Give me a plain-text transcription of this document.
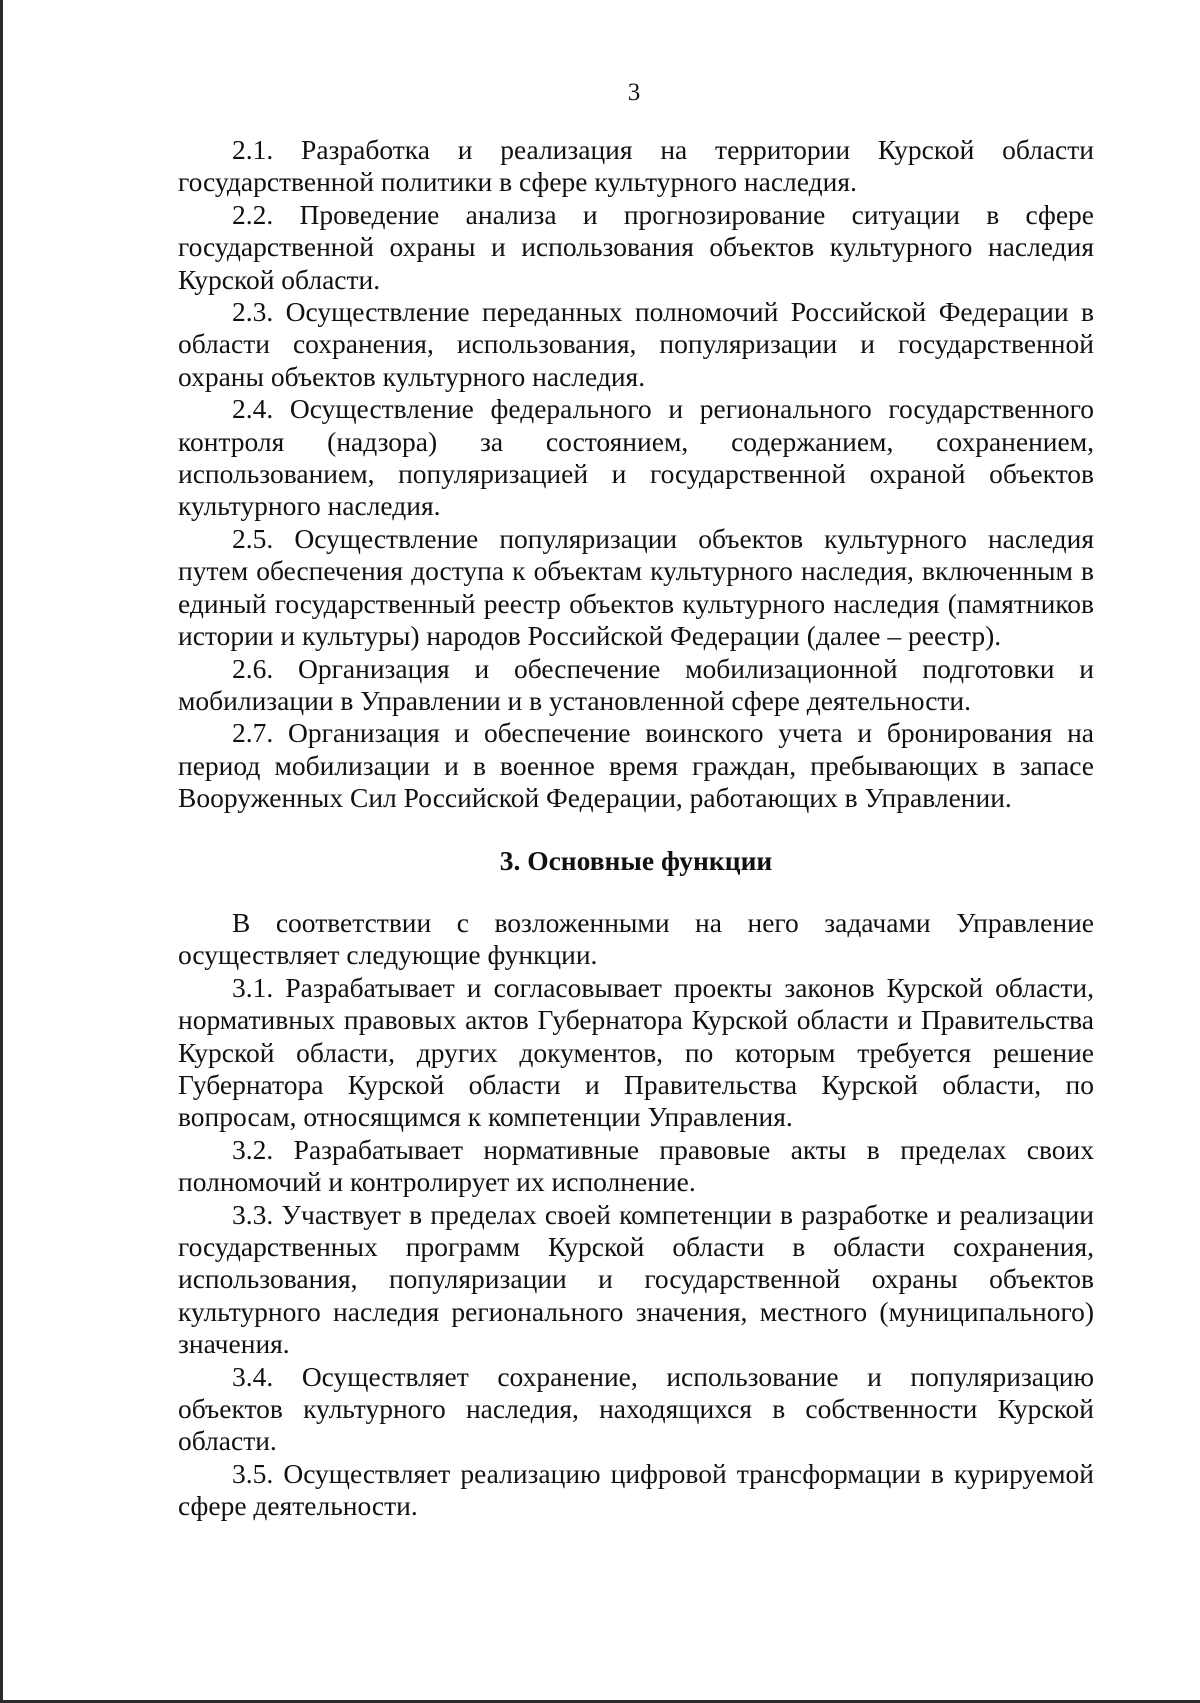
3

2.1. Разработка и реализация на территории Курской области государственной политики в сфере культурного наследия.

2.2. Проведение анализа и прогнозирование ситуации в сфере государственной охраны и использования объектов культурного наследия Курской области.

2.3. Осуществление переданных полномочий Российской Федерации в области сохранения, использования, популяризации и государственной охраны объектов культурного наследия.

2.4. Осуществление федерального и регионального государственного контроля (надзора) за состоянием, содержанием, сохранением, использованием, популяризацией и государственной охраной объектов культурного наследия.

2.5. Осуществление популяризации объектов культурного наследия путем обеспечения доступа к объектам культурного наследия, включенным в единый государственный реестр объектов культурного наследия (памятников истории и культуры) народов Российской Федерации (далее – реестр).

2.6. Организация и обеспечение мобилизационной подготовки и мобилизации в Управлении и в установленной сфере деятельности.

2.7. Организация и обеспечение воинского учета и бронирования на период мобилизации и в военное время граждан, пребывающих в запасе Вооруженных Сил Российской Федерации, работающих в Управлении.

3. Основные функции

В соответствии с возложенными на него задачами Управление осуществляет следующие функции.

3.1. Разрабатывает и согласовывает проекты законов Курской области, нормативных правовых актов Губернатора Курской области и Правительства Курской области, других документов, по которым требуется решение Губернатора Курской области и Правительства Курской области, по вопросам, относящимся к компетенции Управления.

3.2. Разрабатывает нормативные правовые акты в пределах своих полномочий и контролирует их исполнение.

3.3. Участвует в пределах своей компетенции в разработке и реализации государственных программ Курской области в области сохранения, использования, популяризации и государственной охраны объектов культурного наследия регионального значения, местного (муниципального) значения.

3.4. Осуществляет сохранение, использование и популяризацию объектов культурного наследия, находящихся в собственности Курской области.

3.5. Осуществляет реализацию цифровой трансформации в курируемой сфере деятельности.
